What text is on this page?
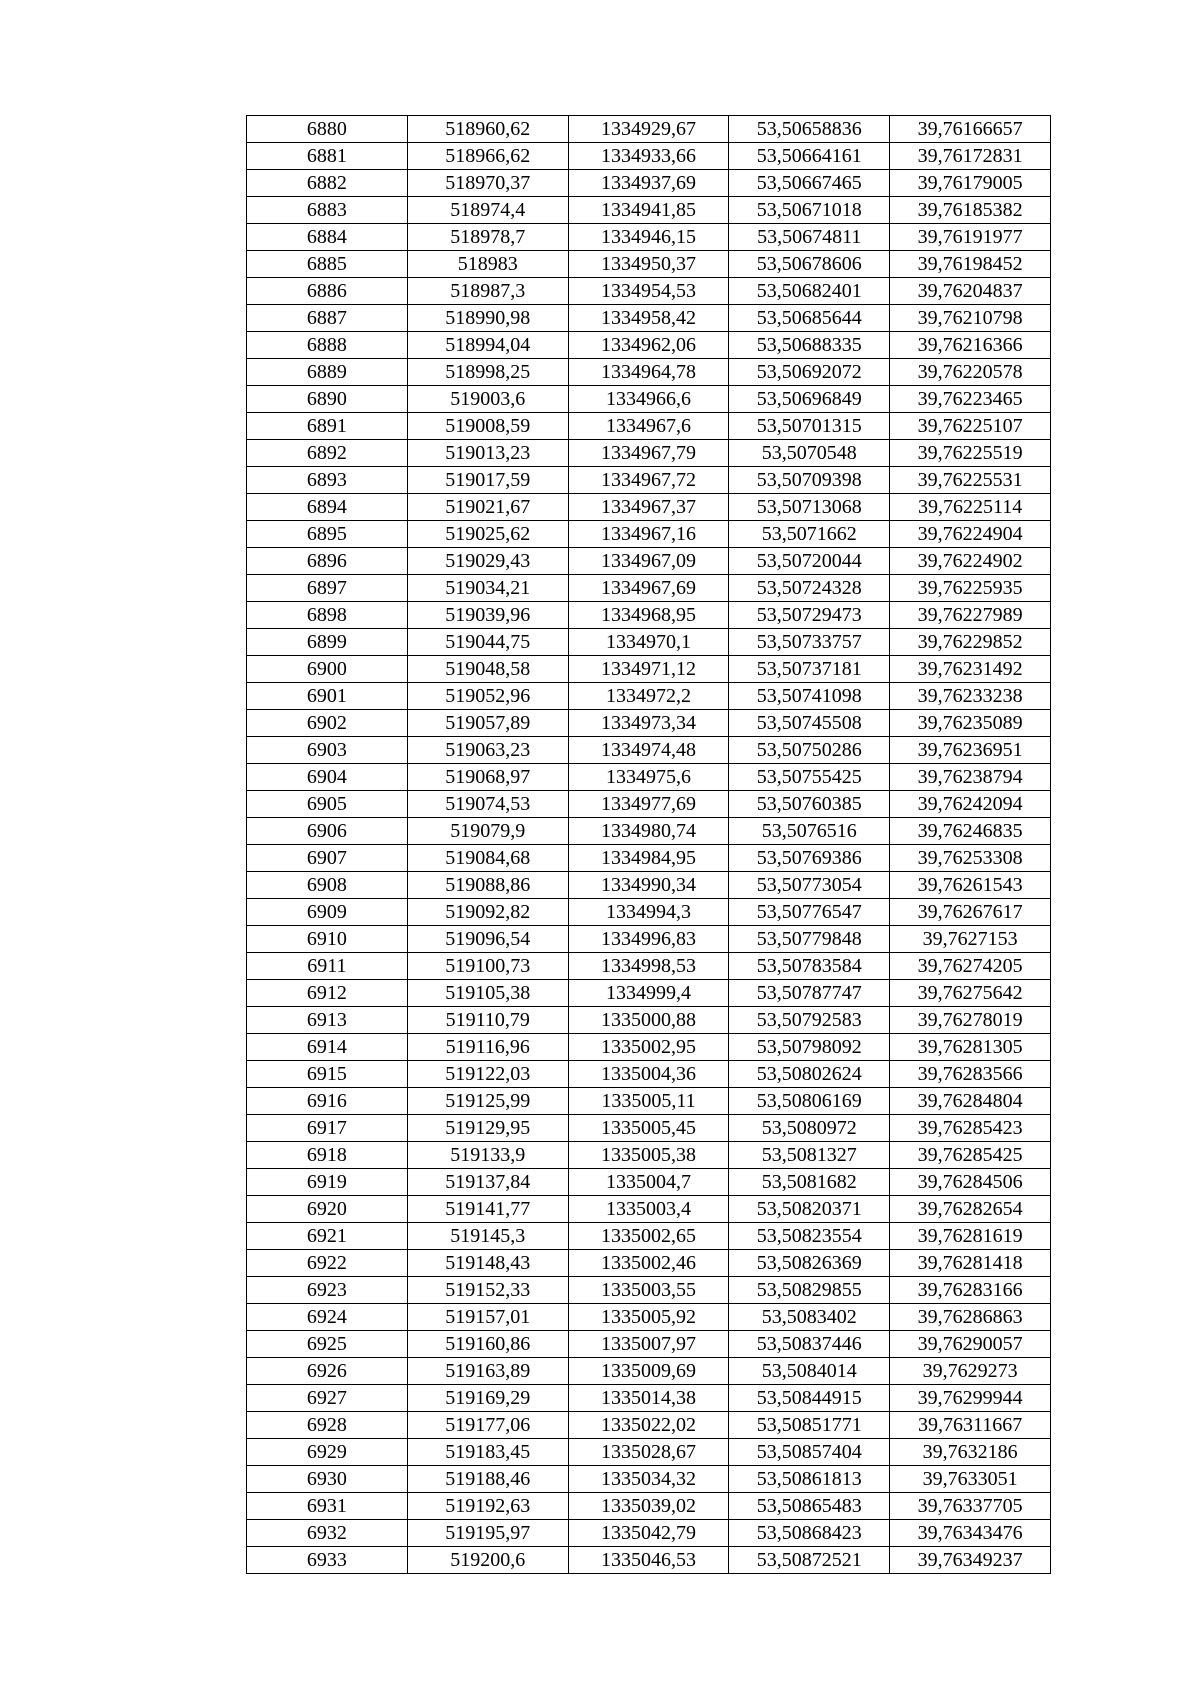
6880	518960,62	1334929,67	53,50658836	39,76166657
6881	518966,62	1334933,66	53,50664161	39,76172831
6882	518970,37	1334937,69	53,50667465	39,76179005
6883	518974,4	1334941,85	53,50671018	39,76185382
6884	518978,7	1334946,15	53,50674811	39,76191977
6885	518983	1334950,37	53,50678606	39,76198452
6886	518987,3	1334954,53	53,50682401	39,76204837
6887	518990,98	1334958,42	53,50685644	39,76210798
6888	518994,04	1334962,06	53,50688335	39,76216366
6889	518998,25	1334964,78	53,50692072	39,76220578
6890	519003,6	1334966,6	53,50696849	39,76223465
6891	519008,59	1334967,6	53,50701315	39,76225107
6892	519013,23	1334967,79	53,5070548	39,76225519
6893	519017,59	1334967,72	53,50709398	39,76225531
6894	519021,67	1334967,37	53,50713068	39,76225114
6895	519025,62	1334967,16	53,5071662	39,76224904
6896	519029,43	1334967,09	53,50720044	39,76224902
6897	519034,21	1334967,69	53,50724328	39,76225935
6898	519039,96	1334968,95	53,50729473	39,76227989
6899	519044,75	1334970,1	53,50733757	39,76229852
6900	519048,58	1334971,12	53,50737181	39,76231492
6901	519052,96	1334972,2	53,50741098	39,76233238
6902	519057,89	1334973,34	53,50745508	39,76235089
6903	519063,23	1334974,48	53,50750286	39,76236951
6904	519068,97	1334975,6	53,50755425	39,76238794
6905	519074,53	1334977,69	53,50760385	39,76242094
6906	519079,9	1334980,74	53,5076516	39,76246835
6907	519084,68	1334984,95	53,50769386	39,76253308
6908	519088,86	1334990,34	53,50773054	39,76261543
6909	519092,82	1334994,3	53,50776547	39,76267617
6910	519096,54	1334996,83	53,50779848	39,7627153
6911	519100,73	1334998,53	53,50783584	39,76274205
6912	519105,38	1334999,4	53,50787747	39,76275642
6913	519110,79	1335000,88	53,50792583	39,76278019
6914	519116,96	1335002,95	53,50798092	39,76281305
6915	519122,03	1335004,36	53,50802624	39,76283566
6916	519125,99	1335005,11	53,50806169	39,76284804
6917	519129,95	1335005,45	53,5080972	39,76285423
6918	519133,9	1335005,38	53,5081327	39,76285425
6919	519137,84	1335004,7	53,5081682	39,76284506
6920	519141,77	1335003,4	53,50820371	39,76282654
6921	519145,3	1335002,65	53,50823554	39,76281619
6922	519148,43	1335002,46	53,50826369	39,76281418
6923	519152,33	1335003,55	53,50829855	39,76283166
6924	519157,01	1335005,92	53,5083402	39,76286863
6925	519160,86	1335007,97	53,50837446	39,76290057
6926	519163,89	1335009,69	53,5084014	39,7629273
6927	519169,29	1335014,38	53,50844915	39,76299944
6928	519177,06	1335022,02	53,50851771	39,76311667
6929	519183,45	1335028,67	53,50857404	39,7632186
6930	519188,46	1335034,32	53,50861813	39,7633051
6931	519192,63	1335039,02	53,50865483	39,76337705
6932	519195,97	1335042,79	53,50868423	39,76343476
6933	519200,6	1335046,53	53,50872521	39,76349237
